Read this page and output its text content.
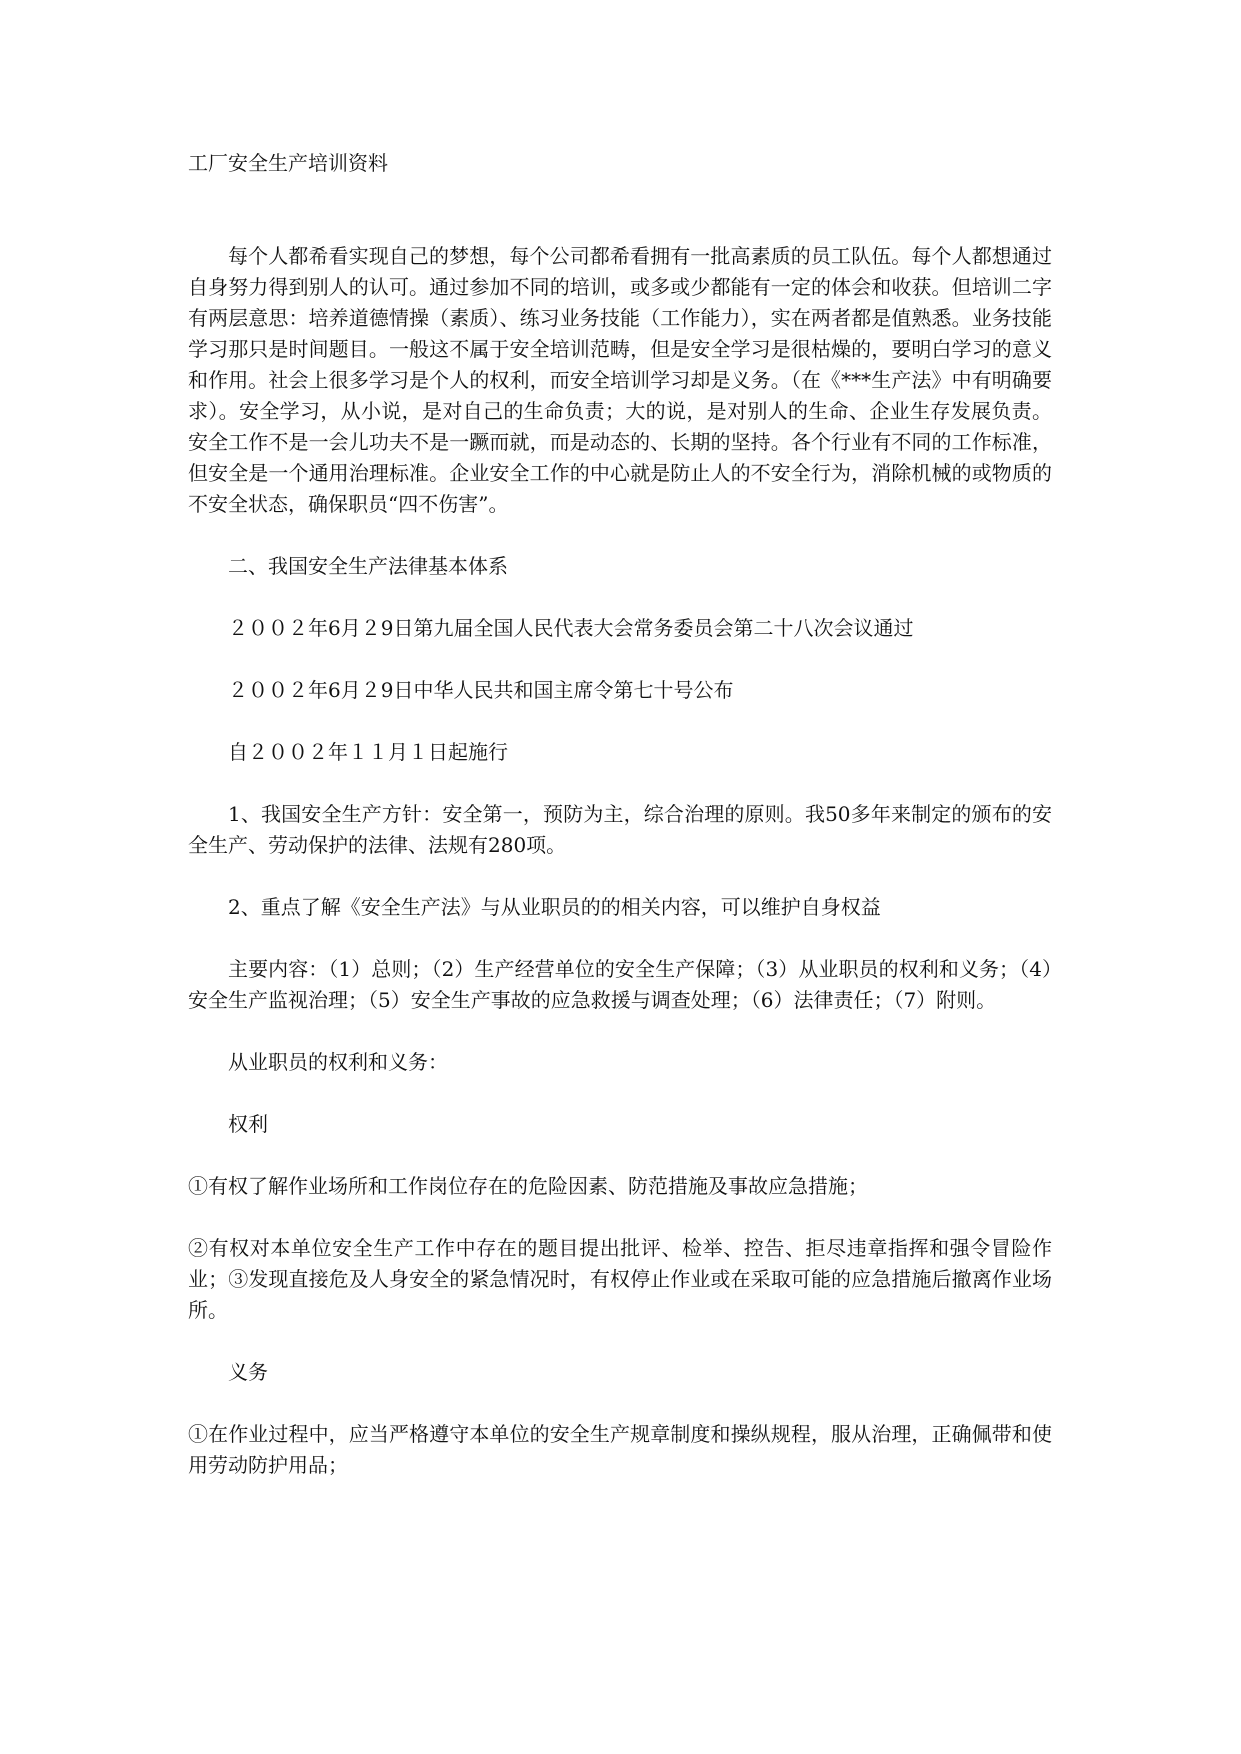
工厂安全生产培训资料

每个人都希看实现自己的梦想，每个公司都希看拥有一批高素质的员工队伍。每个人都想通过自身努力得到别人的认可。通过参加不同的培训，或多或少都能有一定的体会和收获。但培训二字有两层意思：培养道德情操（素质）、练习业务技能（工作能力），实在两者都是值熟悉。业务技能学习那只是时间题目。一般这不属于安全培训范畴，但是安全学习是很枯燥的，要明白学习的意义和作用。社会上很多学习是个人的权利，而安全培训学习却是义务。（在《***生产法》中有明确要求）。安全学习，从小说，是对自己的生命负责；大的说，是对别人的生命、企业生存发展负责。安全工作不是一会儿功夫不是一蹶而就，而是动态的、长期的坚持。各个行业有不同的工作标准，但安全是一个通用治理标准。企业安全工作的中心就是防止人的不安全行为，消除机械的或物质的不安全状态，确保职员“四不伤害”。

二、我国安全生产法律基本体系

２００２年6月２9日第九届全国人民代表大会常务委员会第二十八次会议通过

２００２年6月２9日中华人民共和国主席令第七十号公布

自２００２年１１月１日起施行

1、我国安全生产方针：安全第一，预防为主，综合治理的原则。我50多年来制定的颁布的安全生产、劳动保护的法律、法规有280项。

2、重点了解《安全生产法》与从业职员的的相关内容，可以维护自身权益

主要内容：（1）总则；（2）生产经营单位的安全生产保障；（3）从业职员的权利和义务；（4）安全生产监视治理；（5）安全生产事故的应急救援与调查处理；（6）法律责任；（7）附则。

从业职员的权利和义务：

权利

①有权了解作业场所和工作岗位存在的危险因素、防范措施及事故应急措施；

②有权对本单位安全生产工作中存在的题目提出批评、检举、控告、拒尽违章指挥和强令冒险作业；③发现直接危及人身安全的紧急情况时，有权停止作业或在采取可能的应急措施后撤离作业场所。

义务

①在作业过程中，应当严格遵守本单位的安全生产规章制度和操纵规程，服从治理，正确佩带和使用劳动防护用品；
